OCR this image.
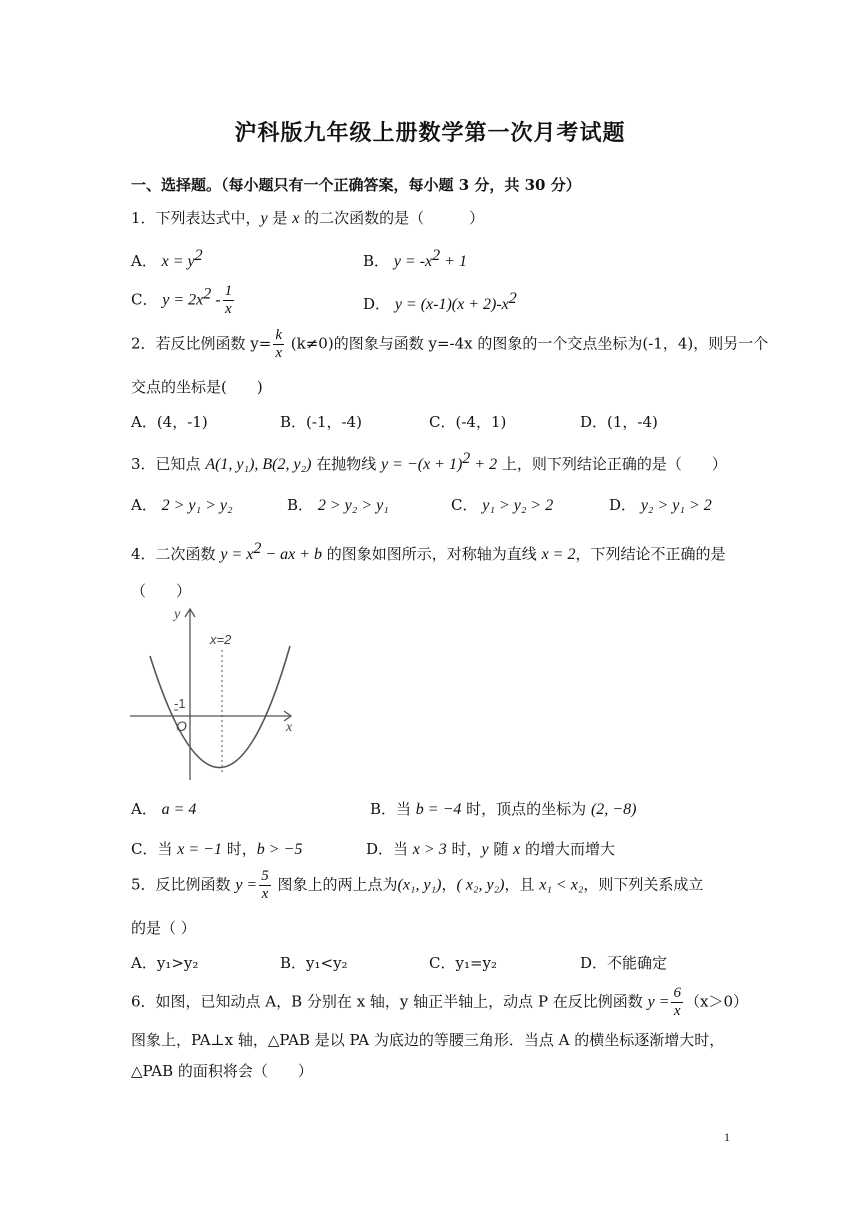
沪科版九年级上册数学第一次月考试题
一、选择题。（每小题只有一个正确答案，每小题 3 分，共 30 分）
1．下列表达式中，y 是 x 的二次函数的是（　　　）
A． $x = y^2$	B． $y = -x^2 + 1$
C． $y = 2x^2 - \frac{1}{x}$	D． $y = (x-1)(x + 2)-x^2$
2．若反比例函数 $y= \frac{k}{x} (k\ne 0)$的图象与函数 y=-4x 的图象的一个交点坐标为(-1，4)，则另一个
交点的坐标是(　　)
A．(4，-1)	B．(-1，-4)	C．(-4，1)	D．(1，-4)
3．已知点 A(1, y₁), B(2, y₂) 在抛物线 $y = -(x + 1)^2 + 2$ 上，则下列结论正确的是（　　）
A． 2 > y₁ > y₂	B． 2 > y₂ > y₁	C． y₁ > y₂ > 2	D． y₂ > y₁ > 2
4．二次函数 $y = x^2$ − ax + b 的图象如图所示，对称轴为直线 x = 2，下列结论不正确的是
（　　）
y
x
x=2
-1
O
A． a = 4	B．当 b = −4 时，顶点的坐标为 (2, −8)
C．当 x = −1 时，b > −5	D．当 x > 3 时，y 随 x 的增大而增大
5．反比例函数 $y = \frac{5}{x}$ 图象上的两上点为(x₁, y₁)，( x₂, y₂)，且 x₁ < x₂，则下列关系成立
的是（ ）
A．y₁>y₂	B．y₁<y₂	C．y₁=y₂	D．不能确定
6．如图，已知动点 A，B 分别在 x 轴，y 轴正半轴上，动点 P 在反比例函数 $y = \frac{6}{x} (x>0)$
图象上，PA⊥x 轴，△PAB 是以 PA 为底边的等腰三角形．当点 A 的横坐标逐渐增大时，
△PAB 的面积将会（　　）
1
